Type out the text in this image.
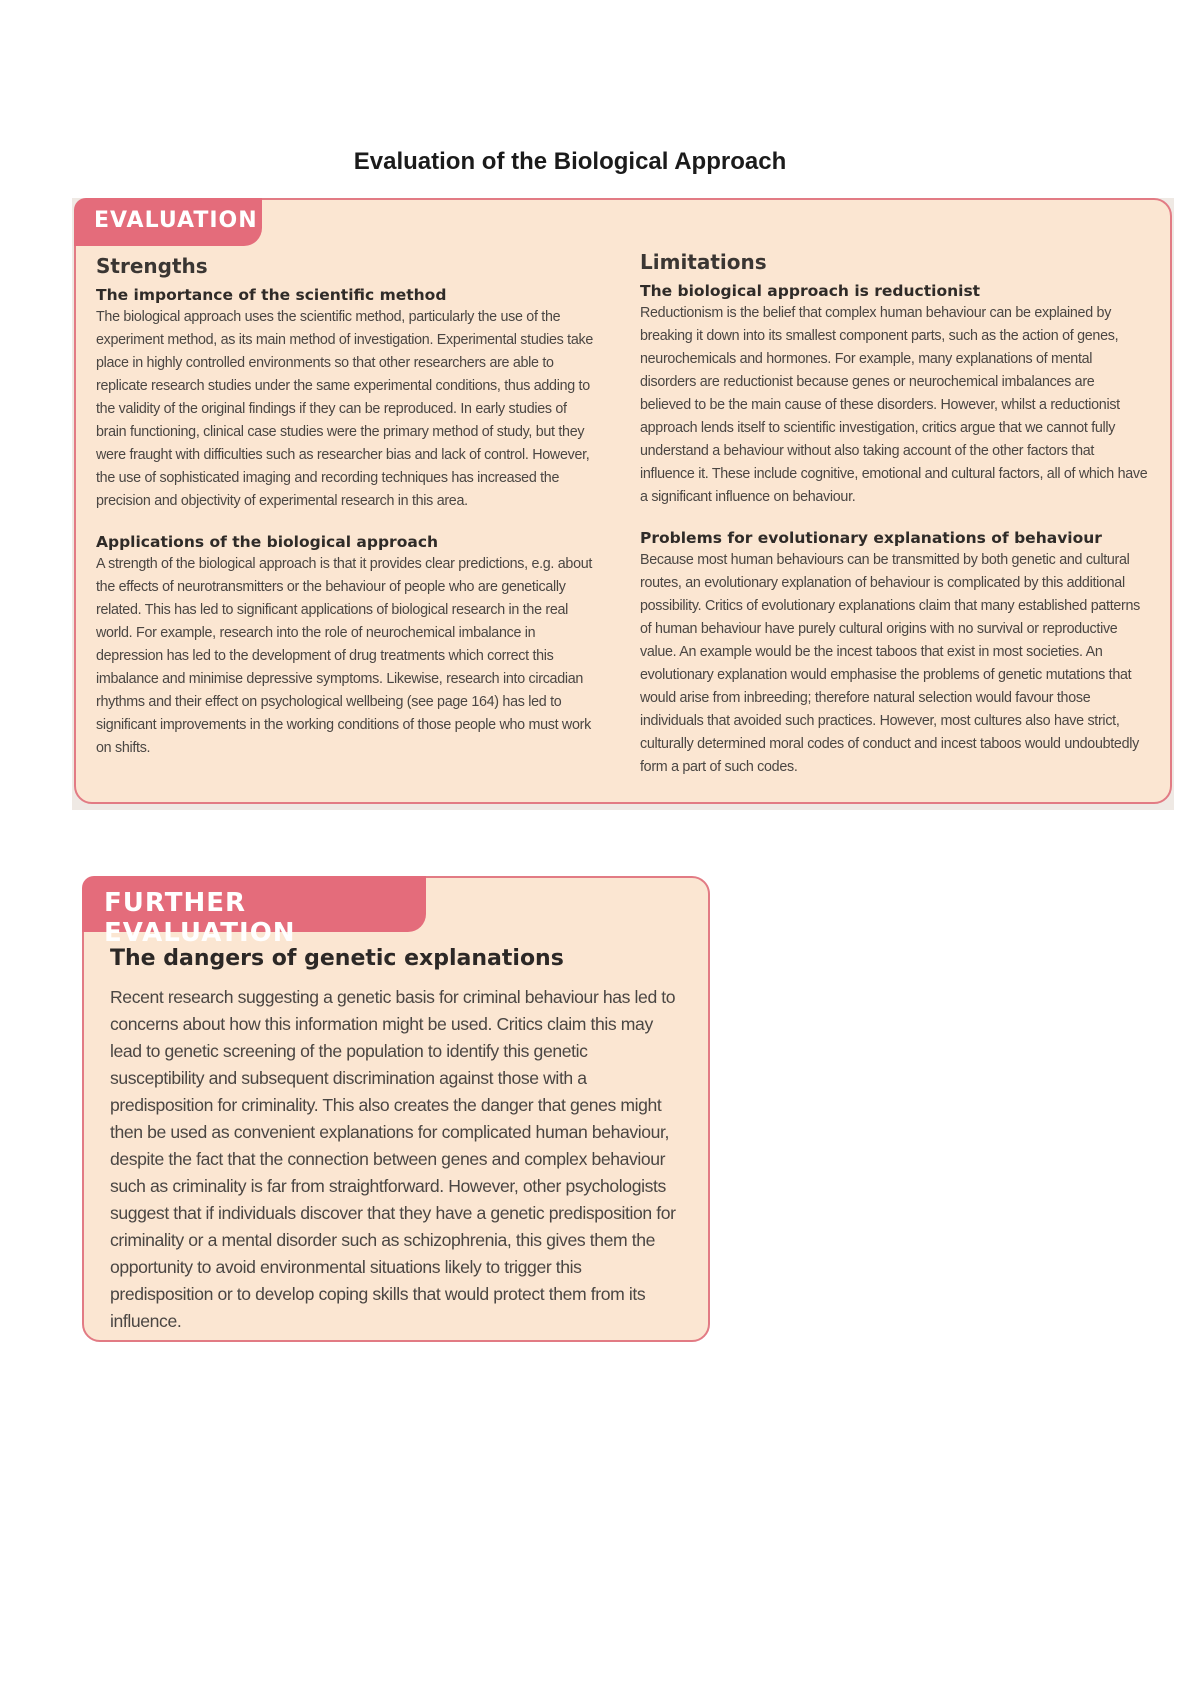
Evaluation of the Biological Approach
EVALUATION
Strengths
The importance of the scientific method

The biological approach uses the scientific method, particularly the use of the experiment method, as its main method of investigation. Experimental studies take place in highly controlled environments so that other researchers are able to replicate research studies under the same experimental conditions, thus adding to the validity of the original findings if they can be reproduced. In early studies of brain functioning, clinical case studies were the primary method of study, but they were fraught with difficulties such as researcher bias and lack of control. However, the use of sophisticated imaging and recording techniques has increased the precision and objectivity of experimental research in this area.

Applications of the biological approach

A strength of the biological approach is that it provides clear predictions, e.g. about the effects of neurotransmitters or the behaviour of people who are genetically related. This has led to significant applications of biological research in the real world. For example, research into the role of neurochemical imbalance in depression has led to the development of drug treatments which correct this imbalance and minimise depressive symptoms. Likewise, research into circadian rhythms and their effect on psychological wellbeing (see page 164) has led to significant improvements in the working conditions of those people who must work on shifts.

Limitations
The biological approach is reductionist

Reductionism is the belief that complex human behaviour can be explained by breaking it down into its smallest component parts, such as the action of genes, neurochemicals and hormones. For example, many explanations of mental disorders are reductionist because genes or neurochemical imbalances are believed to be the main cause of these disorders. However, whilst a reductionist approach lends itself to scientific investigation, critics argue that we cannot fully understand a behaviour without also taking account of the other factors that influence it. These include cognitive, emotional and cultural factors, all of which have a significant influence on behaviour.

Problems for evolutionary explanations of behaviour

Because most human behaviours can be transmitted by both genetic and cultural routes, an evolutionary explanation of behaviour is complicated by this additional possibility. Critics of evolutionary explanations claim that many established patterns of human behaviour have purely cultural origins with no survival or reproductive value. An example would be the incest taboos that exist in most societies. An evolutionary explanation would emphasise the problems of genetic mutations that would arise from inbreeding; therefore natural selection would favour those individuals that avoided such practices. However, most cultures also have strict, culturally determined moral codes of conduct and incest taboos would undoubtedly form a part of such codes.

FURTHER EVALUATION
The dangers of genetic explanations

Recent research suggesting a genetic basis for criminal behaviour has led to concerns about how this information might be used. Critics claim this may lead to genetic screening of the population to identify this genetic susceptibility and subsequent discrimination against those with a predisposition for criminality. This also creates the danger that genes might then be used as convenient explanations for complicated human behaviour, despite the fact that the connection between genes and complex behaviour such as criminality is far from straightforward. However, other psychologists suggest that if individuals discover that they have a genetic predisposition for criminality or a mental disorder such as schizophrenia, this gives them the opportunity to avoid environmental situations likely to trigger this predisposition or to develop coping skills that would protect them from its influence.
